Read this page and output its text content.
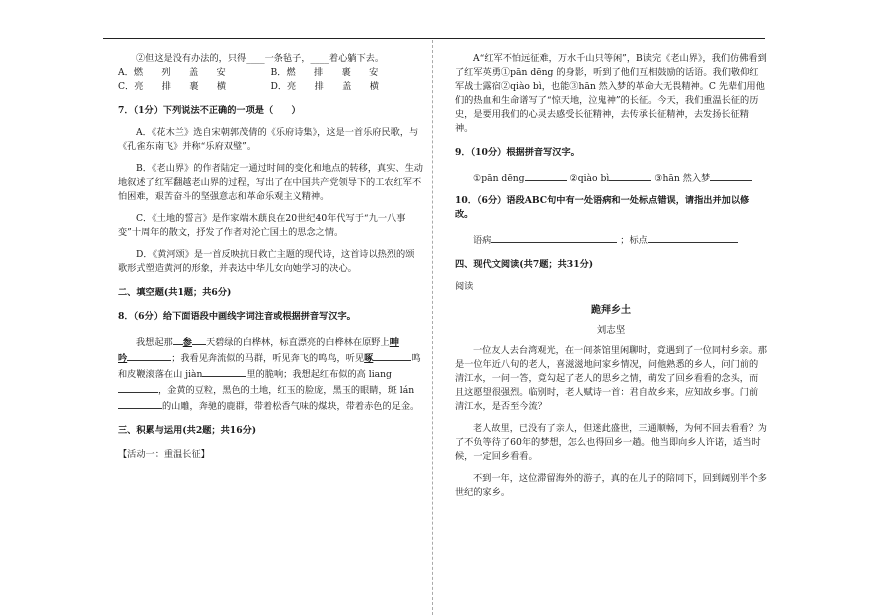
②但这是没有办法的，只得____一条毡子，____着心躺下去。

A．燃　　列　　盖　　安	B．燃　　排　　裹　　安
C．亮　　排　　裹　　横	D．亮　　排　　盖　　横

7．（1分）下列说法不正确的一项是（　　）

A．《花木兰》选自宋朝郭茂倩的《乐府诗集》，这是一首乐府民歌，与《孔雀东南飞》并称“乐府双璧”。

B．《老山界》的作者陆定一通过时间的变化和地点的转移，真实、生动地叙述了红军翻越老山界的过程，写出了在中国共产党领导下的工农红军不怕困难，艰苦奋斗的坚强意志和革命乐观主义精神。

C．《土地的誓言》是作家端木蕻良在20世纪40年代写于“九一八事变”十周年的散文，抒发了作者对沦亡国土的思念之情。

D．《黄河颂》是一首反映抗日救亡主题的现代诗，这首诗以热烈的颂歌形式塑造黄河的形象，并表达中华儿女向她学习的决心。

二、填空题(共1题；共6分)

8．（6分）给下面语段中画线字词注音或根据拼音写汉字。

我想起那 参 天碧绿的白桦林，标直漂亮的白桦林在原野上呻
吟	；我看见奔流似的马群，听见奔飞的鸣鸟，听见啄	鸣和皮鞭滚落在山 jiàn	里的脆响；我想起红布似的高 liang，金黄的豆粒，黑色的土地，红玉的脸庞，黑玉的眼睛，斑 lán的山雕，奔驰的鹿群，带着松香气味的煤块，带着赤色的足金。

三、积累与运用(共2题；共16分)

【活动一：重温长征】

A“红军不怕远征难，万水千山只等闲”，B读完《老山界》，我们仿佛看到了红军英勇①pān dēng 的身影，听到了他们互相鼓励的话语。我们敬仰红军战士露宿②qiào bì，也能③hān 然入梦的革命大无畏精神。C 先辈们用他们的热血和生命谱写了“惊天地，泣鬼神”的长征。今天，我们重温长征的历史，是要用我们的心灵去感受长征精神，去传承长征精神，去发扬长征精神。

9．（10分）根据拼音写汉字。

①pān dēng	②qiào bì	③hān 然入梦

10．（6分）语段ABC句中有一处语病和一处标点错误，请指出并加以修改。

语病	；标点

四、现代文阅读(共7题；共31分)

阅读

跪拜乡土

刘志坚

一位友人去台湾观光，在一间茶馆里闲聊时，竟遇到了一位同村乡亲。那是一位年近八旬的老人，喜滋滋地问家乡情况，问他熟悉的乡人，问门前的清江水，一问一答，竟勾起了老人的思乡之情，萌发了回乡看看的念头，而且这愿望很强烈。临别时，老人赋诗一首：君自故乡来，应知故乡事。门前清江水，是否至今流？

老人故里，已没有了亲人，但迷此盛世，三通顺畅，为何不回去看看？为了不负等待了60年的梦想，怎么也得回乡一趟。他当即向乡人许诺，适当时候，一定回乡看看。

不到一年，这位滞留海外的游子，真的在儿子的陪同下，回到阔别半个多世纪的家乡。
